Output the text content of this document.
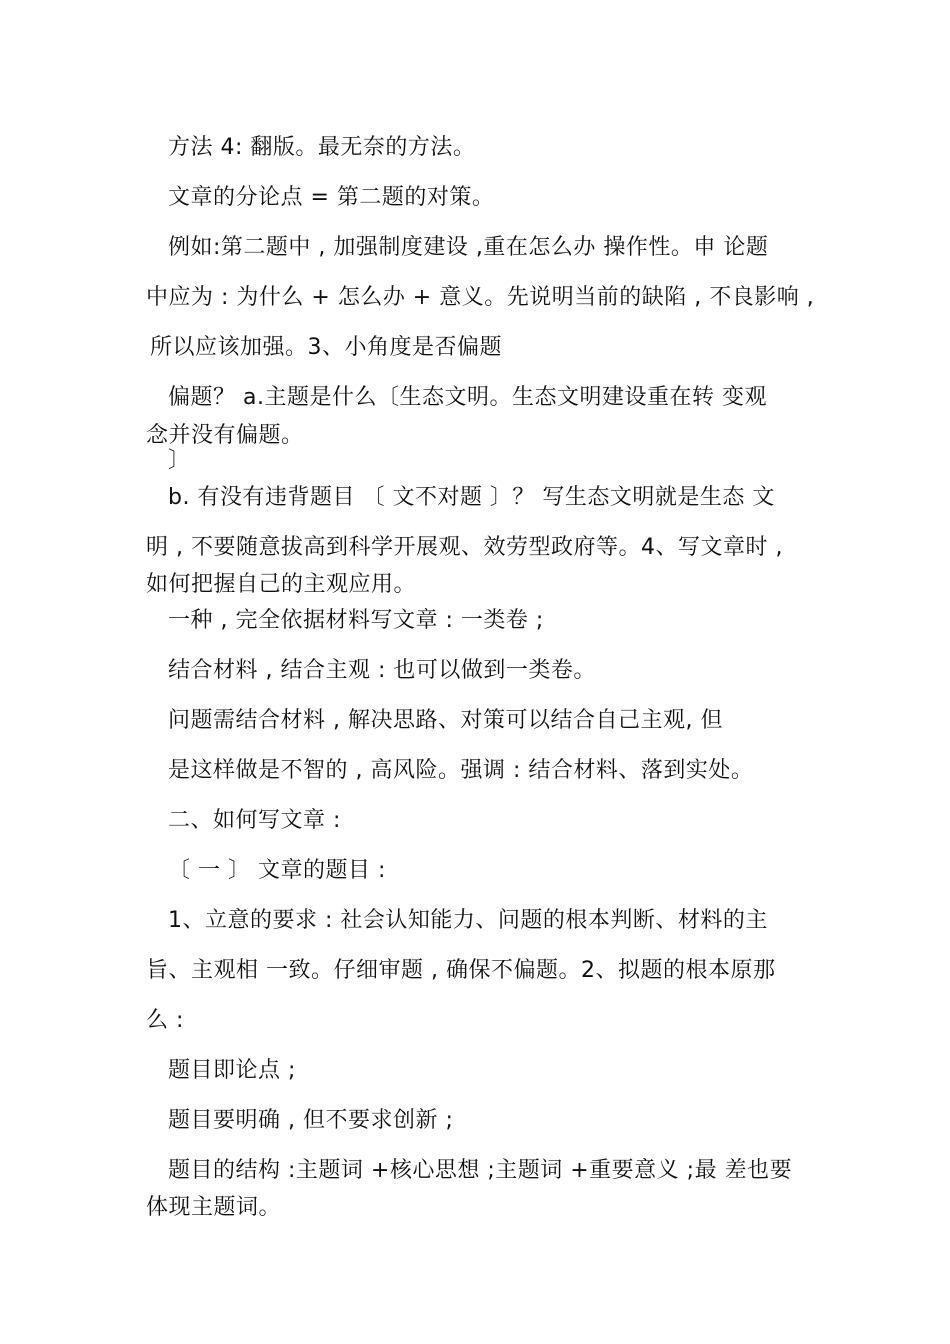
方法 4: 翻版。最无奈的方法。
文章的分论点 = 第二题的对策。
例如:第二题中 , 加强制度建设 ,重在怎么办 操作性。申 论题
中应为 : 为什么 + 怎么办 + 意义。先说明当前的缺陷 , 不良影响 ,
所以应该加强。3、小角度是否偏题
偏题？ a.主题是什么〔生态文明。生态文明建设重在转 变观
念并没有偏题。
〕
b. 有没有违背题目 〔 文不对题 〕？ 写生态文明就是生态 文
明 , 不要随意拔高到科学开展观、效劳型政府等。4、写文章时 ,
如何把握自己的主观应用。
一种 , 完全依据材料写文章 : 一类卷 ;
结合材料 , 结合主观 : 也可以做到一类卷。
问题需结合材料 , 解决思路、对策可以结合自己主观, 但
是这样做是不智的 , 高风险。强调 : 结合材料、落到实处。
二、如何写文章 :
〔 一 〕 文章的题目 :
1、立意的要求 : 社会认知能力、问题的根本判断、材料的主
旨、主观相 一致。仔细审题 , 确保不偏题。2、拟题的根本原那
么 :
题目即论点 ;
题目要明确 , 但不要求创新 ;
题目的结构 :主题词 +核心思想 ;主题词 +重要意义 ;最 差也要
体现主题词。
